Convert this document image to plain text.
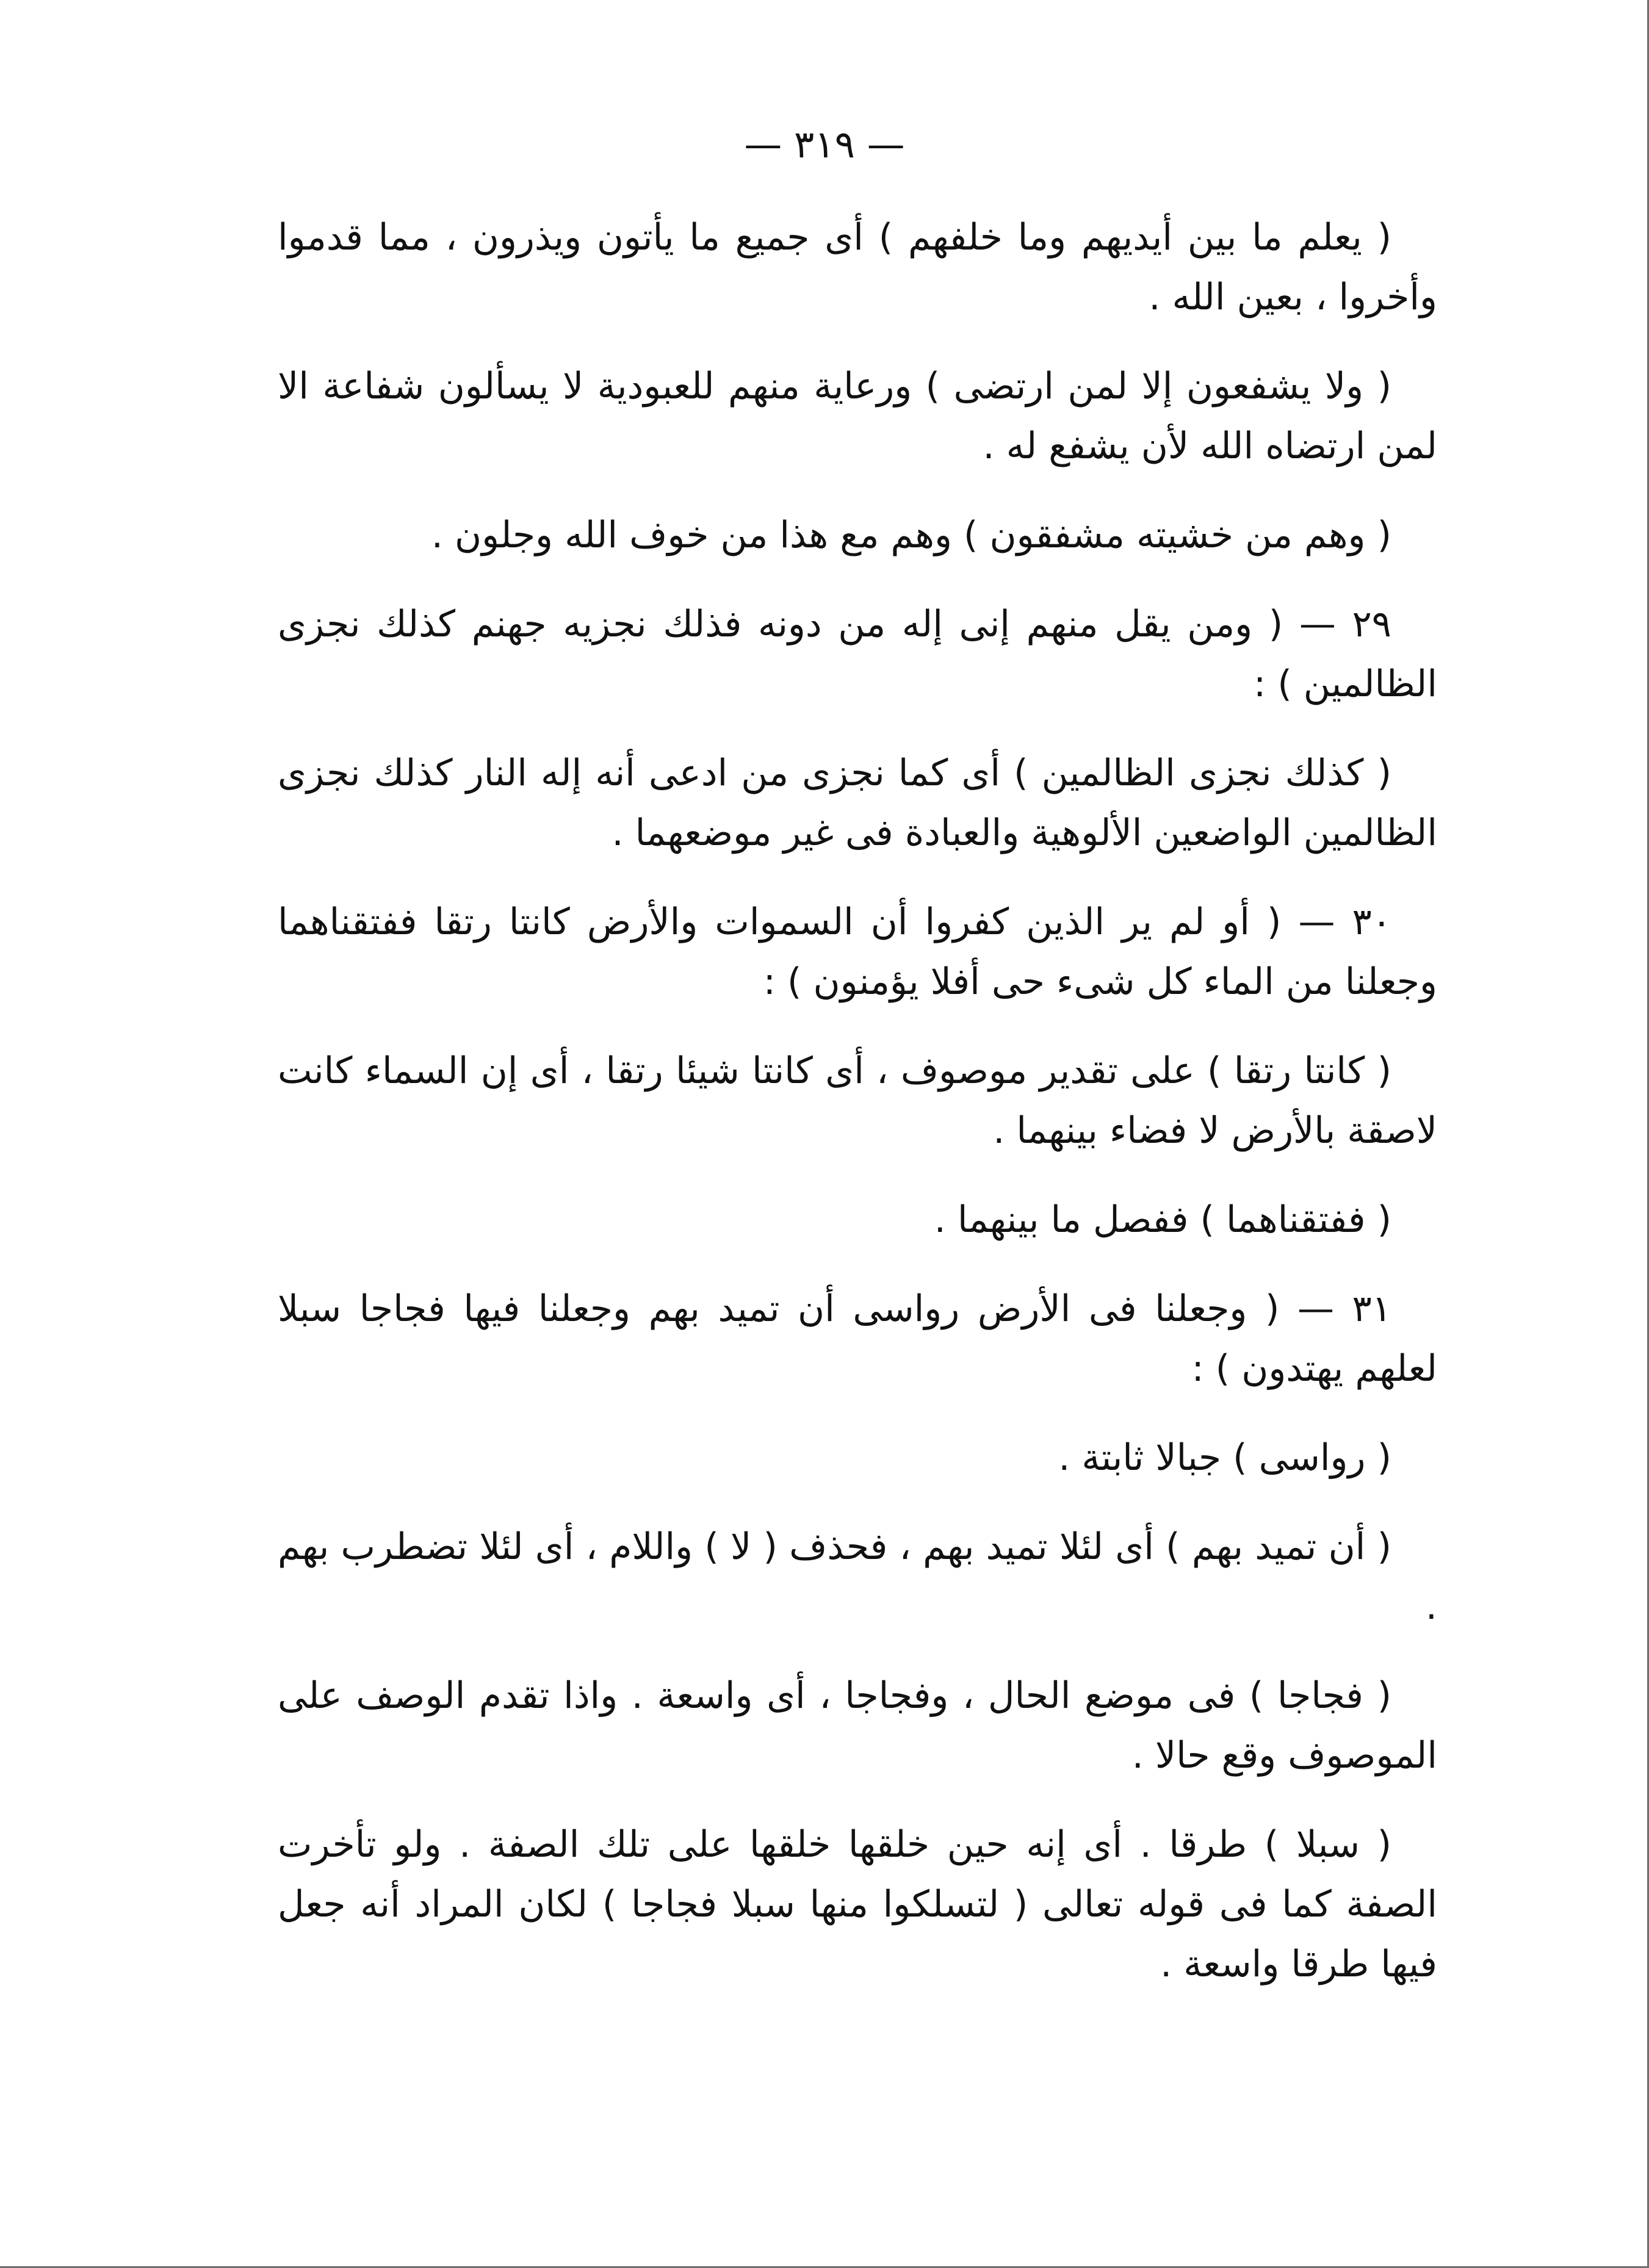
— ٣١٩ —

( يعلم ما بين أيديهم وما خلفهم ) أى جميع ما يأتون ويذرون ، مما قدموا وأخروا ، بعين الله .

( ولا يشفعون إلا لمن ارتضى ) ورعاية منهم للعبودية لا يسألون شفاعة الا لمن ارتضاه الله لأن يشفع له .

( وهم من خشيته مشفقون ) وهم مع هذا من خوف الله وجلون .

٢٩ — ( ومن يقل منهم إنى إله من دونه فذلك نجزيه جهنم كذلك نجزى الظالمين ) :

( كذلك نجزى الظالمين ) أى كما نجزى من ادعى أنه إله النار كذلك نجزى الظالمين الواضعين الألوهية والعبادة فى غير موضعهما .

٣٠ — ( أو لم ير الذين كفروا أن السموات والأرض كانتا رتقا ففتقناهما وجعلنا من الماء كل شىء حى أفلا يؤمنون ) :

( كانتا رتقا ) على تقدير موصوف ، أى كانتا شيئا رتقا ، أى إن السماء كانت لاصقة بالأرض لا فضاء بينهما .

( ففتقناهما ) ففصل ما بينهما .

٣١ — ( وجعلنا فى الأرض رواسى أن تميد بهم وجعلنا فيها فجاجا سبلا لعلهم يهتدون ) :

( رواسى ) جبالا ثابتة .

( أن تميد بهم ) أى لئلا تميد بهم ، فحذف ( لا ) واللام ، أى لئلا تضطرب بهم .

( فجاجا ) فى موضع الحال ، وفجاجا ، أى واسعة . واذا تقدم الوصف على الموصوف وقع حالا .

( سبلا ) طرقا . أى إنه حين خلقها خلقها على تلك الصفة . ولو تأخرت الصفة كما فى قوله تعالى ( لتسلكوا منها سبلا فجاجا ) لكان المراد أنه جعل فيها طرقا واسعة .
